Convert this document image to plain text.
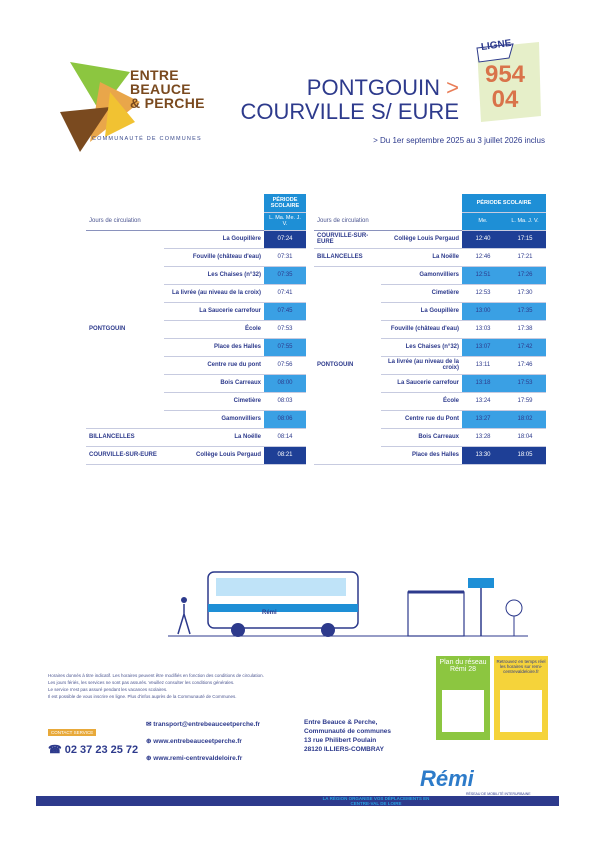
ENTRE
BEAUCE
& PERCHE
COMMUNAUTÉ DE COMMUNES
PONTGOUIN >
COURVILLE S/ EURE
LIGNE
954
04
> Du 1er septembre 2025 au 3 juillet 2026 inclus
		PÉRIODE SCOLAIRE
Jours de circulation		L. Ma. Me. J. V.
PONTGOUIN	La Goupillère	07:24
	Fouville (château d'eau)	07:31
	Les Chaises (n°32)	07:35
	La livrée (au niveau de la croix)	07:41
	La Saucerie carrefour	07:45
	École	07:53
	Place des Halles	07:55
	Centre rue du pont	07:56
	Bois Carreaux	08:00
	Cimetière	08:03
	Gamonvilliers	08:06
BILLANCELLES	La Noëlle	08:14
COURVILLE-SUR-EURE	Collège Louis Pergaud	08:21
		PÉRIODE SCOLAIRE	
Jours de circulation		Me.	L. Ma. J. V.
COURVILLE-SUR-EURE	Collège Louis Pergaud	12:40	17:15
BILLANCELLES	La Noëlle	12:46	17:21
PONTGOUIN	Gamonvilliers	12:51	17:26
	Cimetière	12:53	17:30
	La Goupillère	13:00	17:35
	Fouville (château d'eau)	13:03	17:38
	Les Chaises (n°32)	13:07	17:42
	La livrée (au niveau de la croix)	13:11	17:46
	La Saucerie carrefour	13:18	17:53
	École	13:24	17:59
	Centre rue du Pont	13:27	18:02
	Bois Carreaux	13:28	18:04
	Place des Halles	13:30	18:05
Rémi
Horaires donnés à titre indicatif. Les horaires peuvent être modifiés en fonction des conditions de circulation.
Les jours fériés, les services ne sont pas assurés. Veuillez consulter les conditions générales.
Le service n'est pas assuré pendant les vacances scolaires.
Il est possible de vous inscrire en ligne. Plus d'infos auprès de la Communauté de Communes.
CONTACT SERVICE
☎ 02 37 23 25 72
✉ transport@entrebeauceetperche.fr
⊕ www.entrebeauceetperche.fr
⊕ www.remi-centrevaldeloire.fr
Entre Beauce & Perche,
Communauté de communes
13 rue Philibert Poulain
28120 ILLIERS-COMBRAY
Plan du réseau Rémi 28
Retrouvez en temps réel les horaires sur remi-centrevaldeloire.fr
Rémi
RÉSEAU DE MOBILITÉ INTERURBAINE
LA RÉGION ORGANISE VOS DÉPLACEMENTS EN CENTRE-VAL DE LOIRE
